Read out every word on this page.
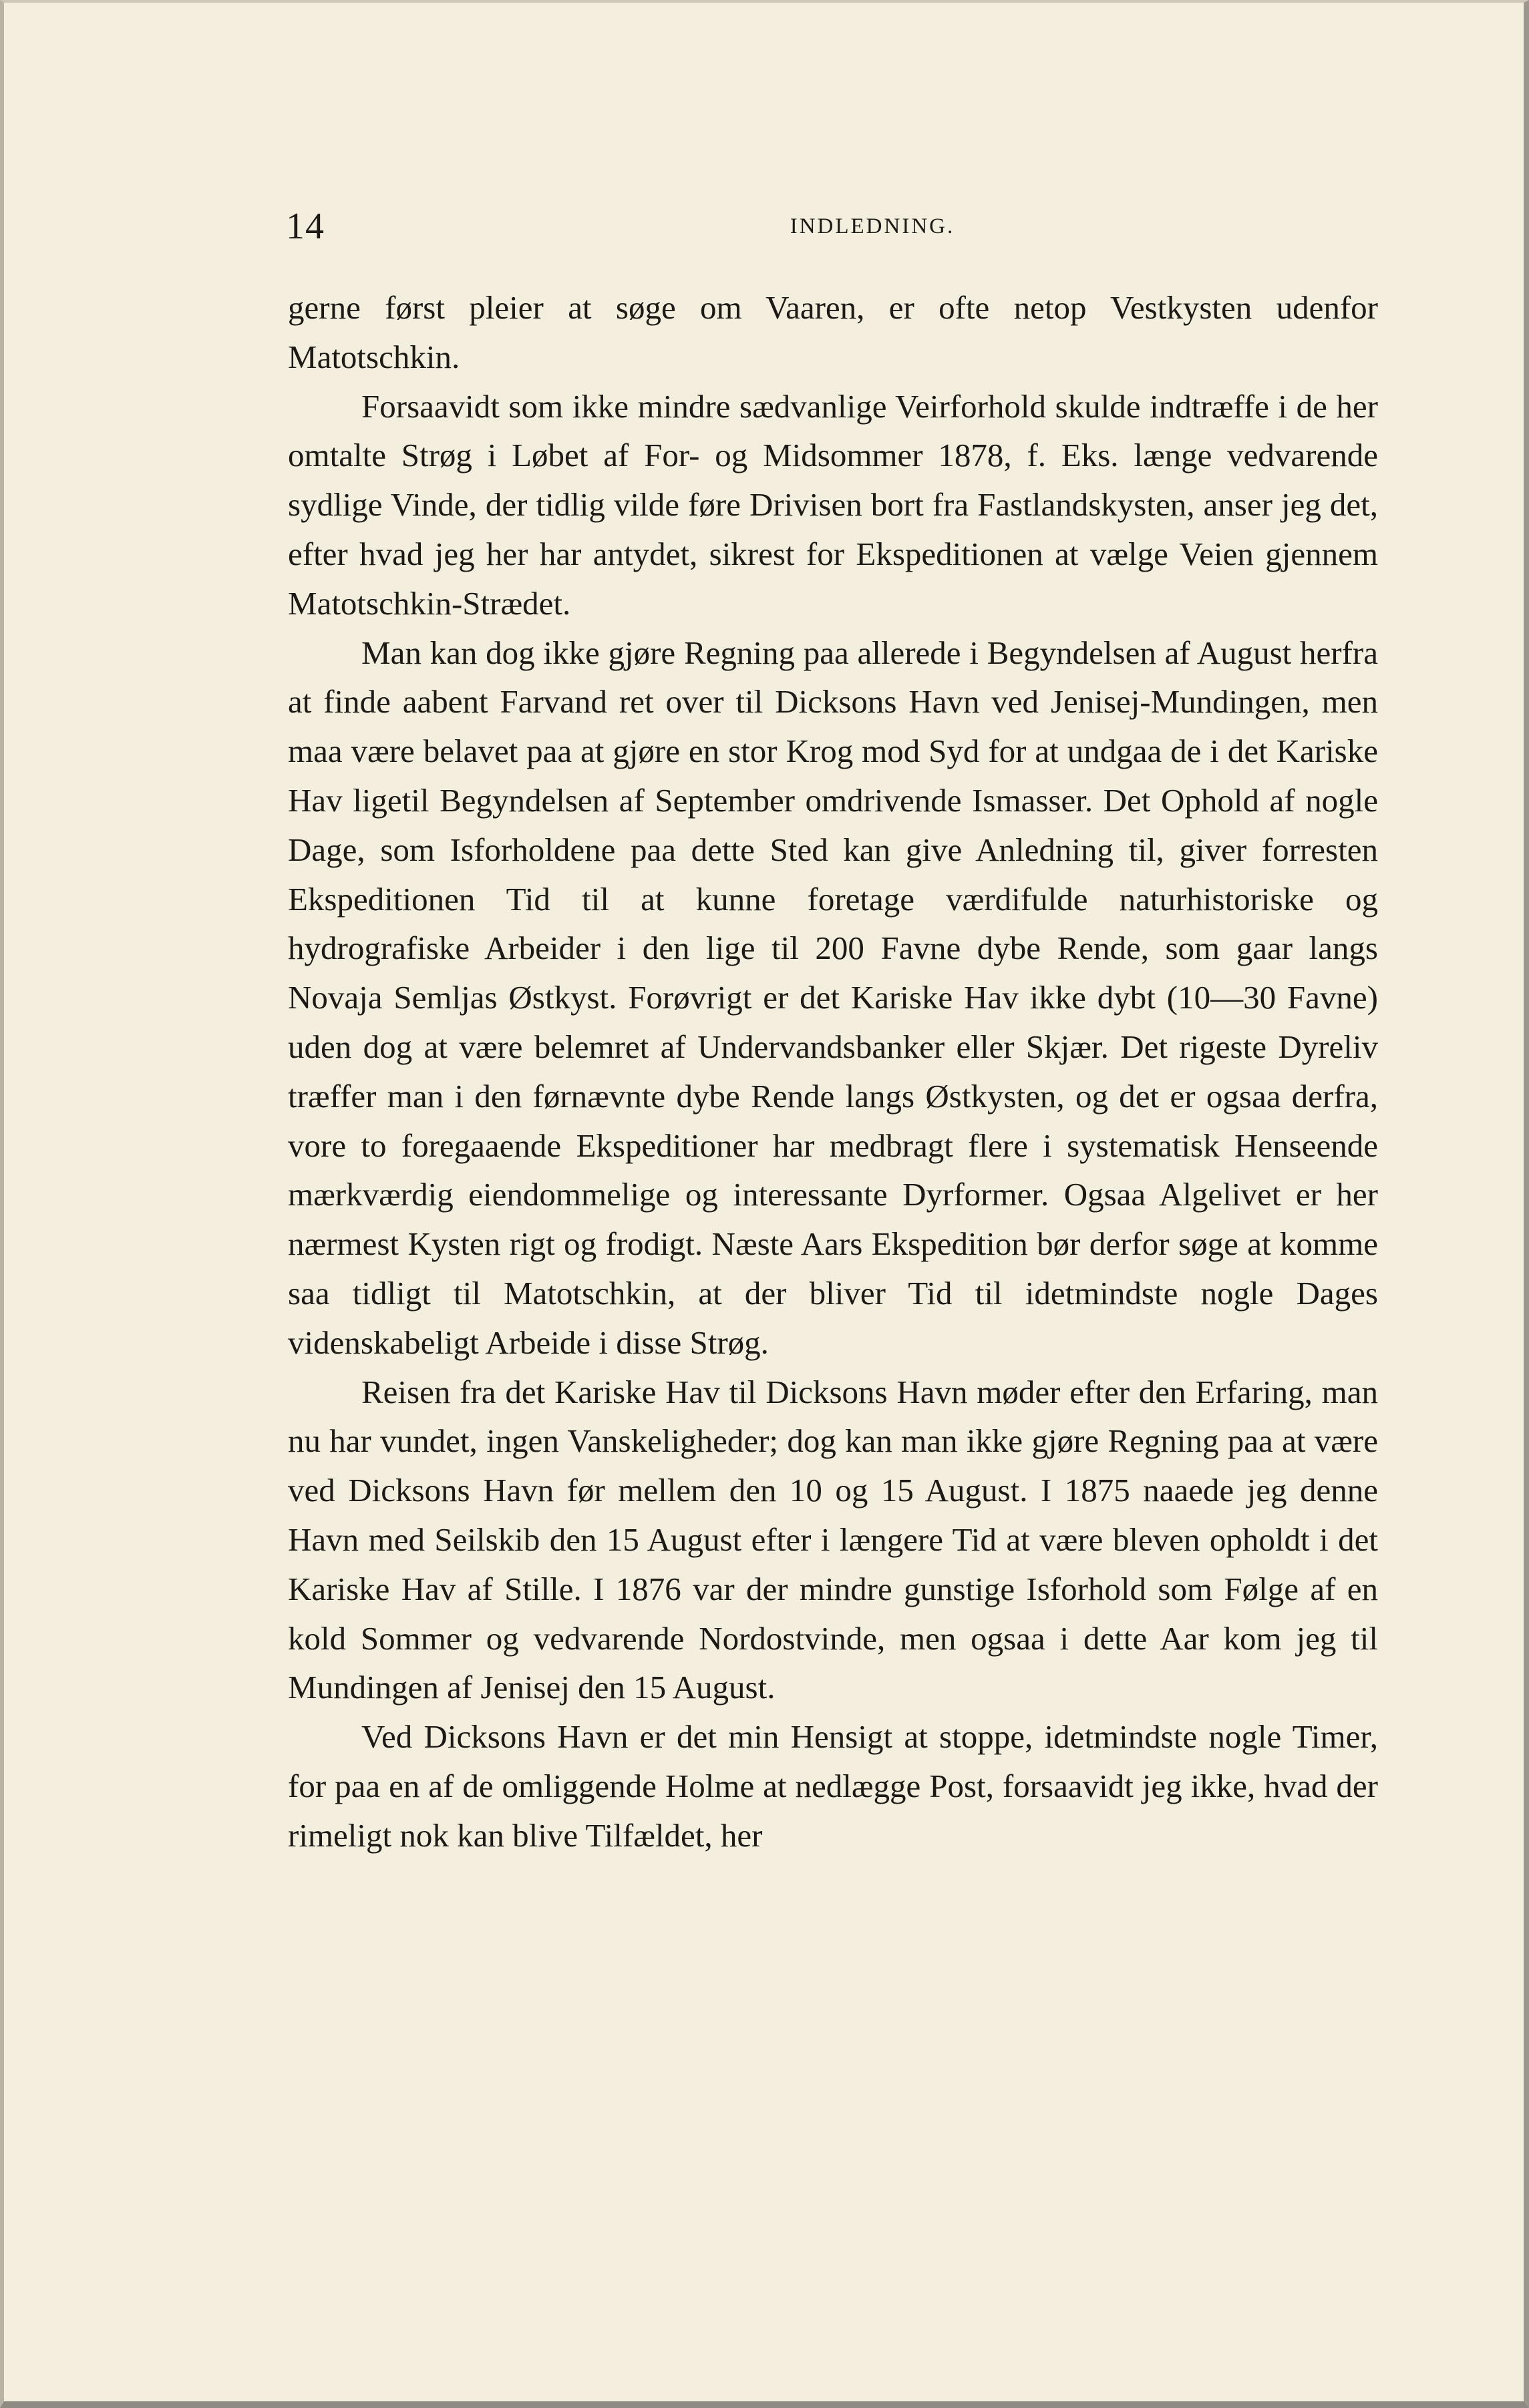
14	INDLEDNING.

gerne først pleier at søge om Vaaren, er ofte netop Vestkysten udenfor Matotschkin.

Forsaavidt som ikke mindre sædvanlige Veirforhold skulde indtræffe i de her omtalte Strøg i Løbet af For- og Midsommer 1878, f. Eks. længe vedvarende sydlige Vinde, der tidlig vilde føre Drivisen bort fra Fastlandskysten, anser jeg det, efter hvad jeg her har antydet, sikrest for Ekspeditionen at vælge Veien gjennem Matotschkin-Strædet.

Man kan dog ikke gjøre Regning paa allerede i Begyndelsen af August herfra at finde aabent Farvand ret over til Dicksons Havn ved Jenisej-Mundingen, men maa være belavet paa at gjøre en stor Krog mod Syd for at undgaa de i det Kariske Hav ligetil Begyndelsen af September omdrivende Ismasser. Det Ophold af nogle Dage, som Isforholdene paa dette Sted kan give Anledning til, giver forresten Ekspeditionen Tid til at kunne foretage værdifulde naturhistoriske og hydrografiske Arbeider i den lige til 200 Favne dybe Rende, som gaar langs Novaja Semljas Østkyst. Forøvrigt er det Kariske Hav ikke dybt (10—30 Favne) uden dog at være belemret af Undervandsbanker eller Skjær. Det rigeste Dyreliv træffer man i den førnævnte dybe Rende langs Østkysten, og det er ogsaa derfra, vore to foregaaende Ekspeditioner har medbragt flere i systematisk Henseende mærkværdig eiendommelige og interessante Dyrformer. Ogsaa Algelivet er her nærmest Kysten rigt og frodigt. Næste Aars Ekspedition bør derfor søge at komme saa tidligt til Matotschkin, at der bliver Tid til idetmindste nogle Dages videnskabeligt Arbeide i disse Strøg.

Reisen fra det Kariske Hav til Dicksons Havn møder efter den Erfaring, man nu har vundet, ingen Vanskeligheder; dog kan man ikke gjøre Regning paa at være ved Dicksons Havn før mellem den 10 og 15 August. I 1875 naaede jeg denne Havn med Seilskib den 15 August efter i længere Tid at være bleven opholdt i det Kariske Hav af Stille. I 1876 var der mindre gunstige Isforhold som Følge af en kold Sommer og vedvarende Nordostvinde, men ogsaa i dette Aar kom jeg til Mundingen af Jenisej den 15 August.

Ved Dicksons Havn er det min Hensigt at stoppe, idetmindste nogle Timer, for paa en af de omliggende Holme at nedlægge Post, forsaavidt jeg ikke, hvad der rimeligt nok kan blive Tilfældet, her
